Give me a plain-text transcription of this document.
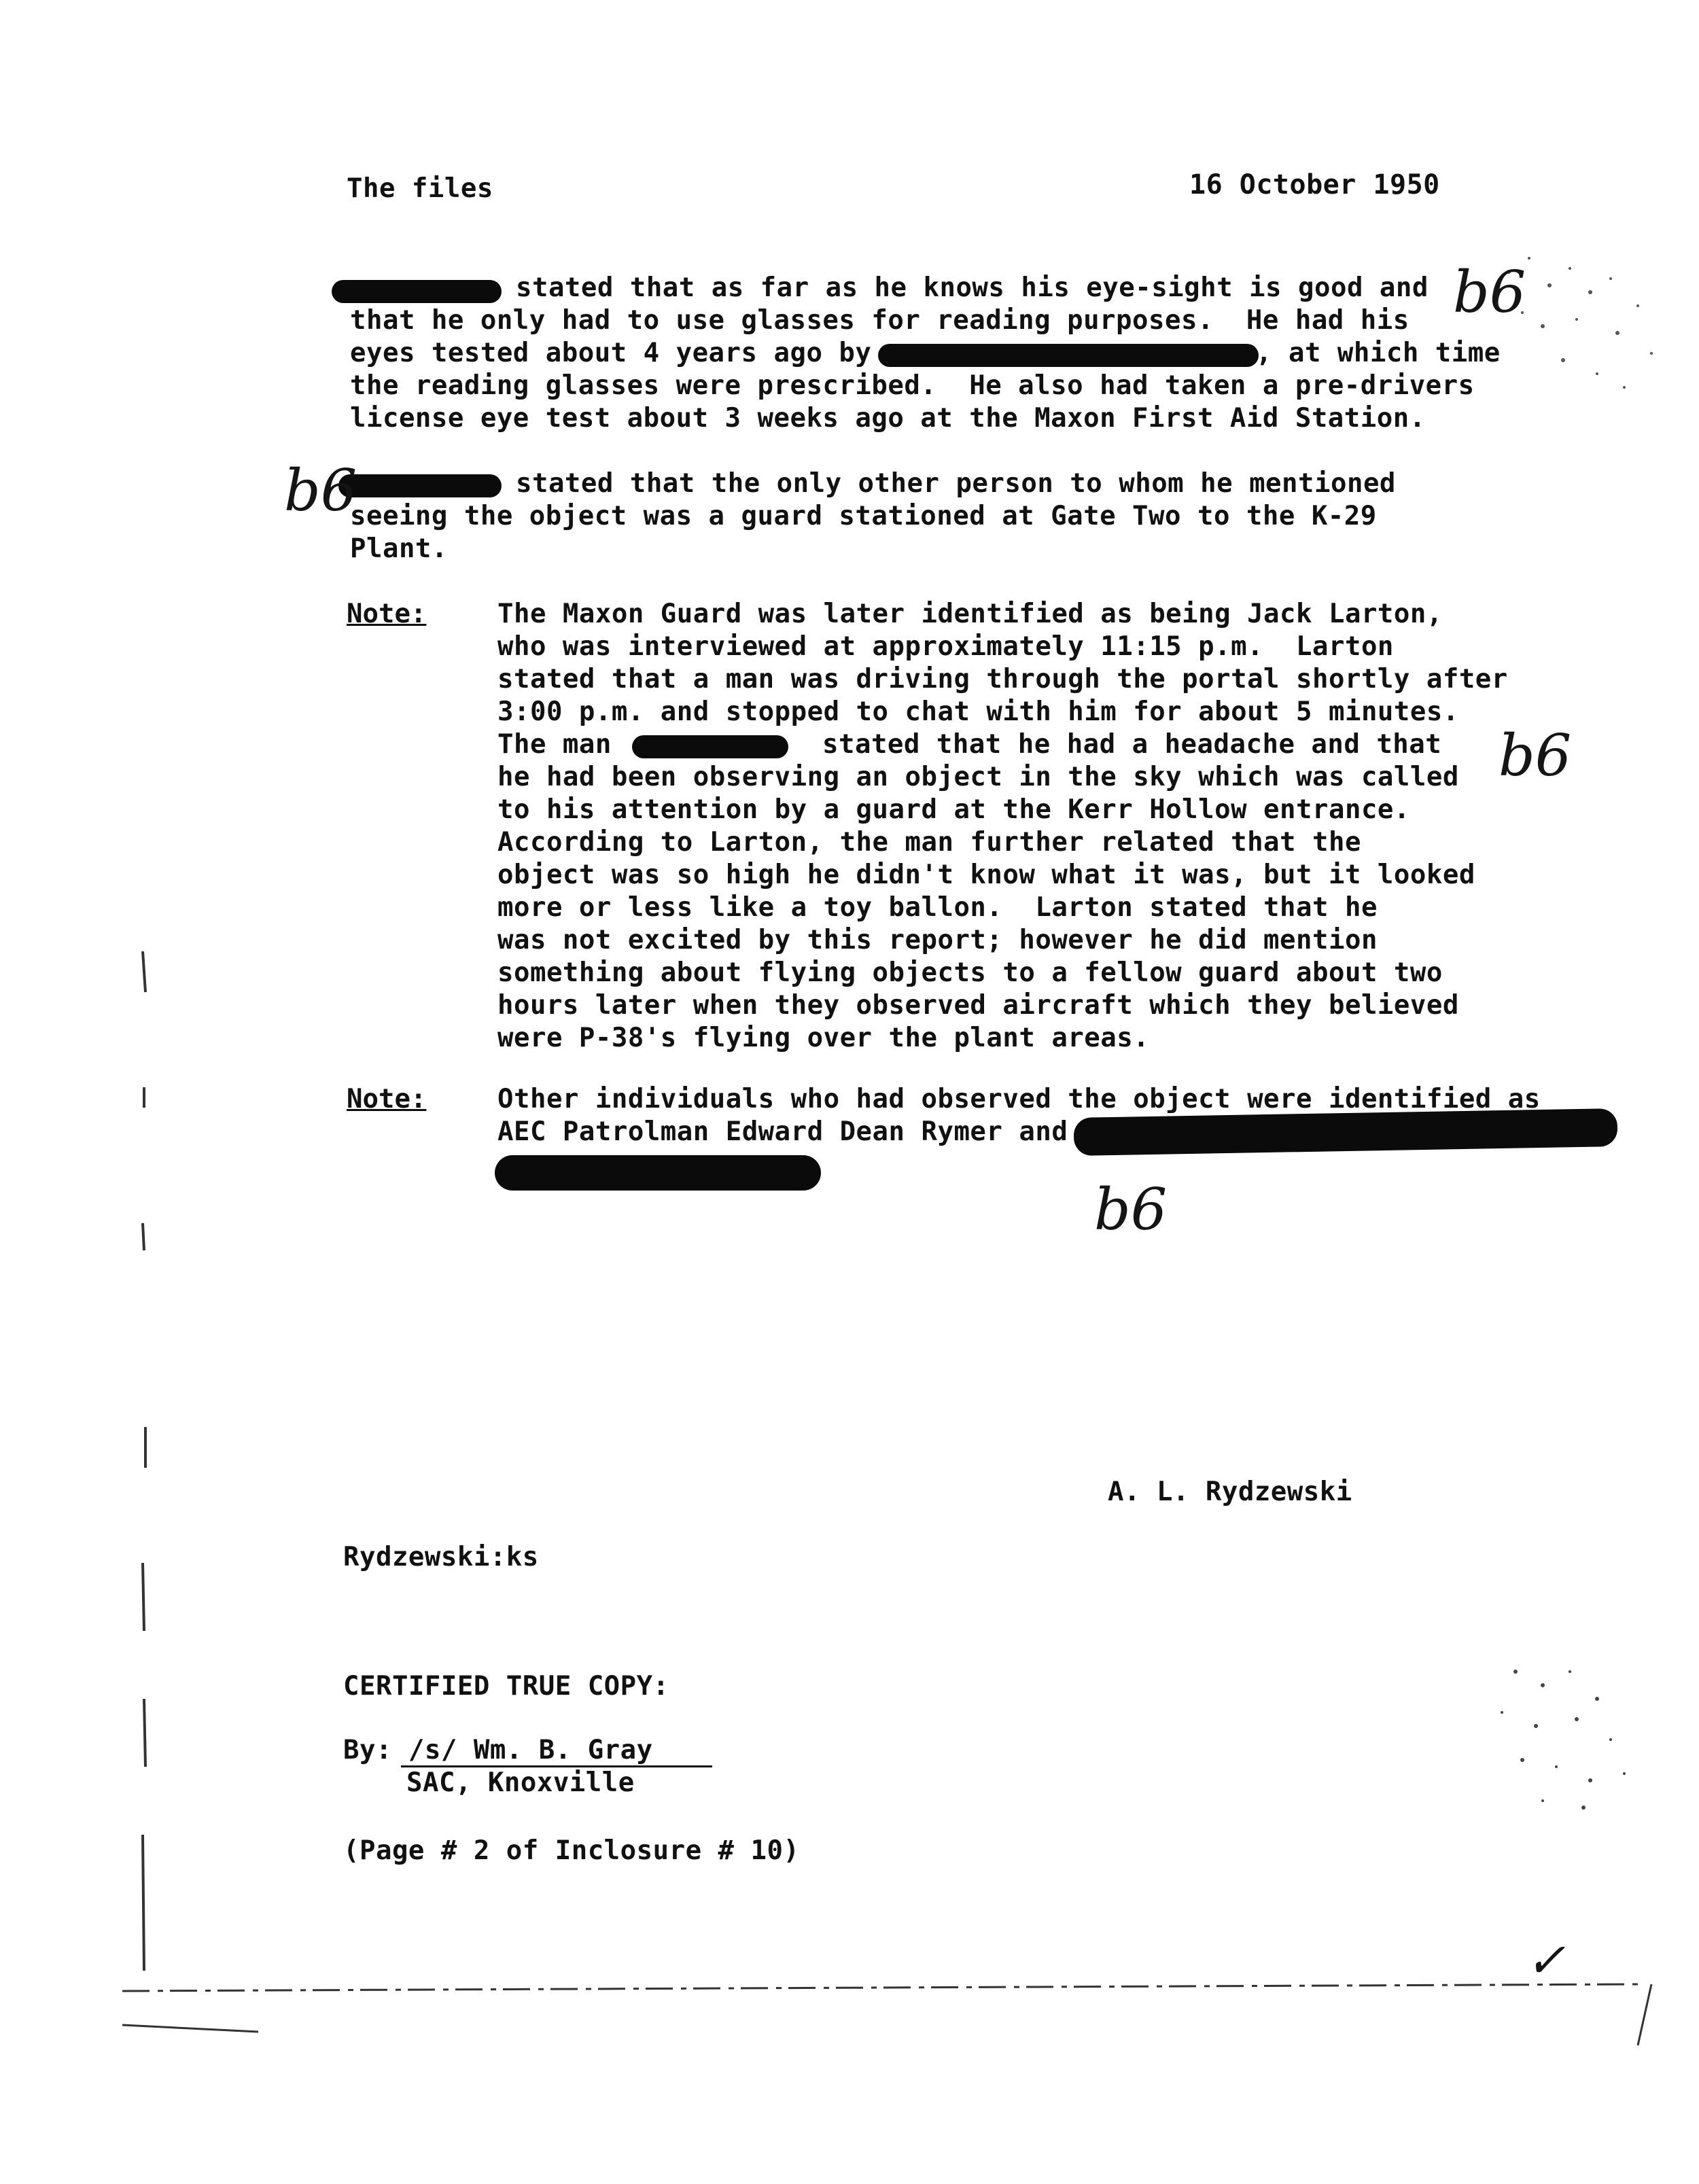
The files	16 October 1950
stated that as far as he knows his eye-sight is good and
that he only had to use glasses for reading purposes.  He had his
eyes tested about 4 years ago by	, at which time
the reading glasses were prescribed.  He also had taken a pre-drivers
license eye test about 3 weeks ago at the Maxon First Aid Station.
stated that the only other person to whom he mentioned
seeing the object was a guard stationed at Gate Two to the K-29
Plant.
Note:	The Maxon Guard was later identified as being Jack Larton,
who was interviewed at approximately 11:15 p.m.  Larton
stated that a man was driving through the portal shortly after
3:00 p.m. and stopped to chat with him for about 5 minutes.
The man	stated that he had a headache and that
he had been observing an object in the sky which was called
to his attention by a guard at the Kerr Hollow entrance.
According to Larton, the man further related that the
object was so high he didn't know what it was, but it looked
more or less like a toy ballon.  Larton stated that he
was not excited by this report; however he did mention
something about flying objects to a fellow guard about two
hours later when they observed aircraft which they believed
were P-38's flying over the plant areas.
Note:	Other individuals who had observed the object were identified as
AEC Patrolman Edward Dean Rymer and
b6
b6
b6
b6
✓
A. L. Rydzewski
Rydzewski:ks
CERTIFIED TRUE COPY:
By: /s/ Wm. B. Gray
SAC, Knoxville
(Page # 2 of Inclosure # 10)
